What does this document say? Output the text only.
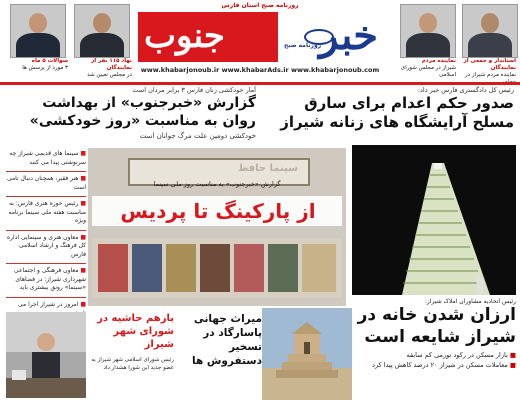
روزنامه صبح استان فارس
جنوب خبر
روزنامه صبح
www.khabarjonoub.ir www.khabarAds.ir www.khabarjonoub.com
استاندار و جمعی از نمایندگان
نماینده مردم شیراز در
نماینده مردم
شیراز در مجلس شورای اسلامی
نهاد ۱۱۵ نفر از نمایندگان
در مجلس تعیین شد
سوالات ۵ ماه
۳ مورد از پرسش ها
رئیس کل دادگستری فارس خبر داد:
صدور حکم اعدام برای سارق مسلح آرایشگاه های زنانه شیراز
آمار خودکشی زنان فارس ۳ برابر مردان است
گزارش «خبرجنوب» از بهداشت روان به مناسبت «روز خودکشی»
خودکشی دومین علت مرگ جوانان است
رئیس اتحادیه مشاوران املاک شیراز:
ارزان شدن خانه در شیراز شایعه است
■ بازار مسکن در رکود تورمی کم سابقه
■ معاملات مسکن در شیراز ۲۰ درصد کاهش پیدا کرد
سینما حافظ
گزارش «خبرجنوب» به مناسبت روز ملی سینما
از پارکینگ تا پردیس
■ سینما های قدیمی شیراز چه سرنوشتی پیدا می کنند
■ هنر فقیر، همچنان دنبال نامی است
■ رئیس حوزه هنری فارس: به مناسبت هفته ملی سینما برنامه ویژه
■ معاون هنری و سینمایی اداره کل فرهنگ و ارشاد اسلامی فارس
■ معاون فرهنگی و اجتماعی شهرداری شیراز: در فضاهای «سینما» رونق بیشتری باید
■ امروز در شیراز اجرا می
میراث جهانی پاسارگاد در تسخیر دستفروش ها
بازهم حاشیه در شورای شهر شیراز
رئیس شورای اسلامی شهر شیراز به عضو جدید این شورا هشدار داد
